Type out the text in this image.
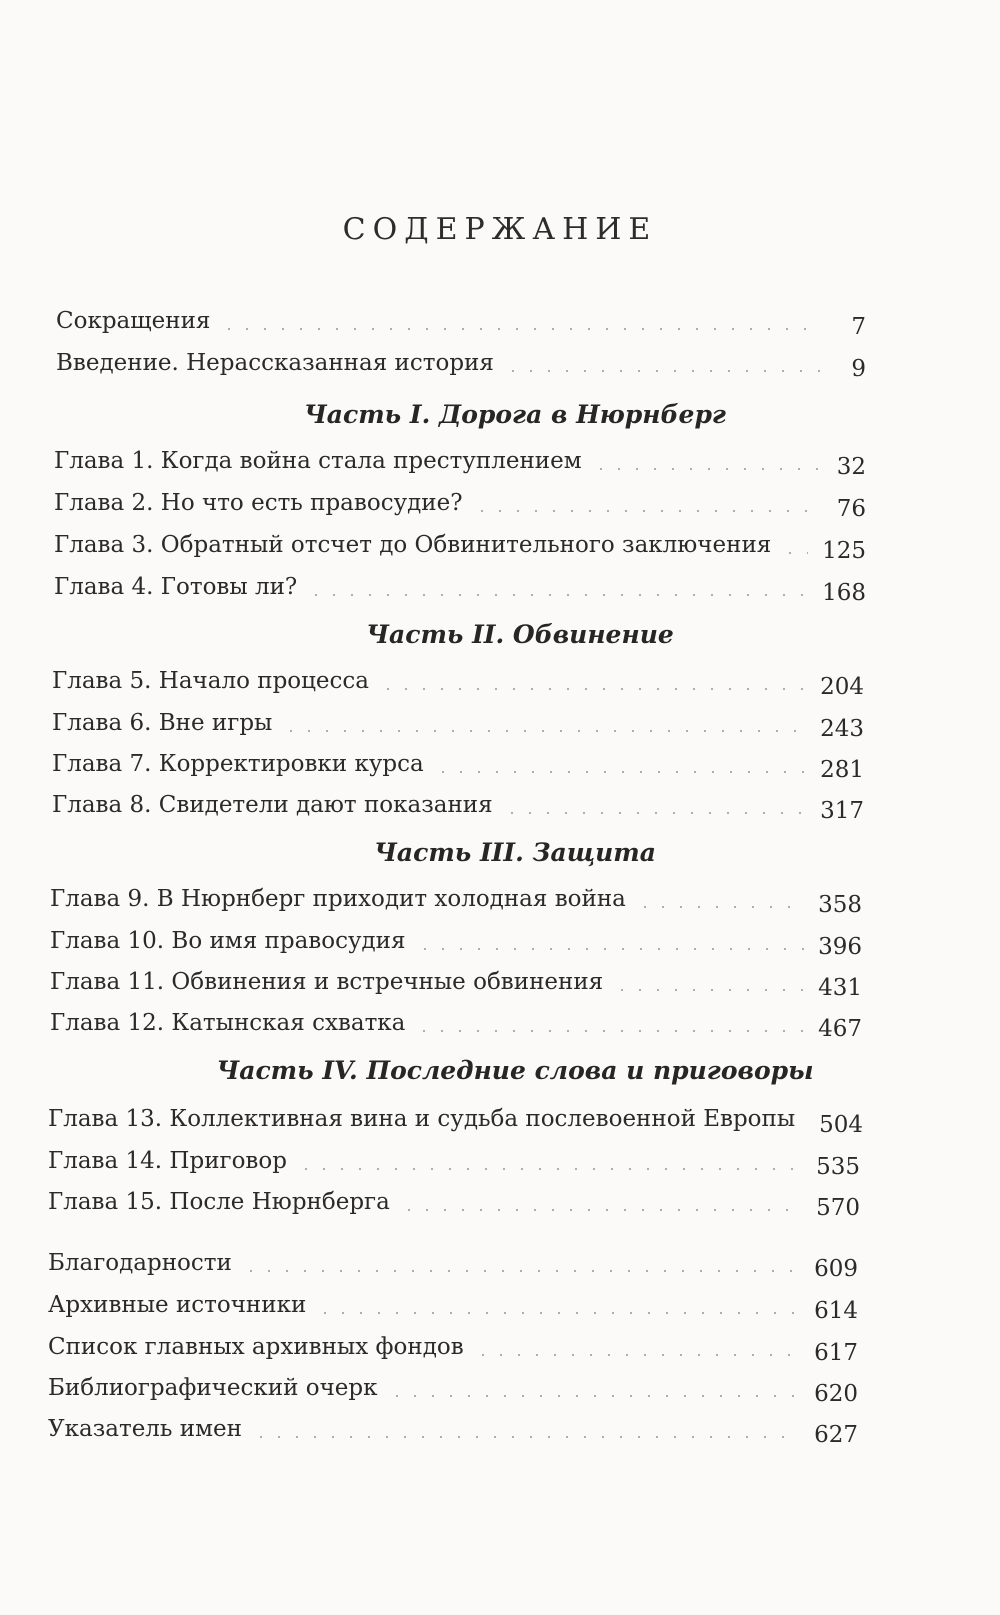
СОДЕРЖАНИЕ
Сокращения	7
Введение. Нерассказанная история	9
Часть I. Дорога в Нюрнберг
Глава 1. Когда война стала преступлением	32
Глава 2. Но что есть правосудие?	76
Глава 3. Обратный отсчет до Обвинительного заключения 125
Глава 4. Готовы ли?	168
Часть II. Обвинение
Глава 5. Начало процесса	204
Глава 6. Вне игры	243
Глава 7. Корректировки курса	281
Глава 8. Свидетели дают показания	317
Часть III. Защита
Глава 9. В Нюрнберг приходит холодная война	358
Глава 10. Во имя правосудия	396
Глава 11. Обвинения и встречные обвинения	431
Глава 12. Катынская схватка	467
Часть IV. Последние слова и приговоры
Глава 13. Коллективная вина и судьба послевоенной Европы 504
Глава 14. Приговор	535
Глава 15. После Нюрнберга	570
Благодарности	609
Архивные источники	614
Список главных архивных фондов	617
Библиографический очерк	620
Указатель имен	627
